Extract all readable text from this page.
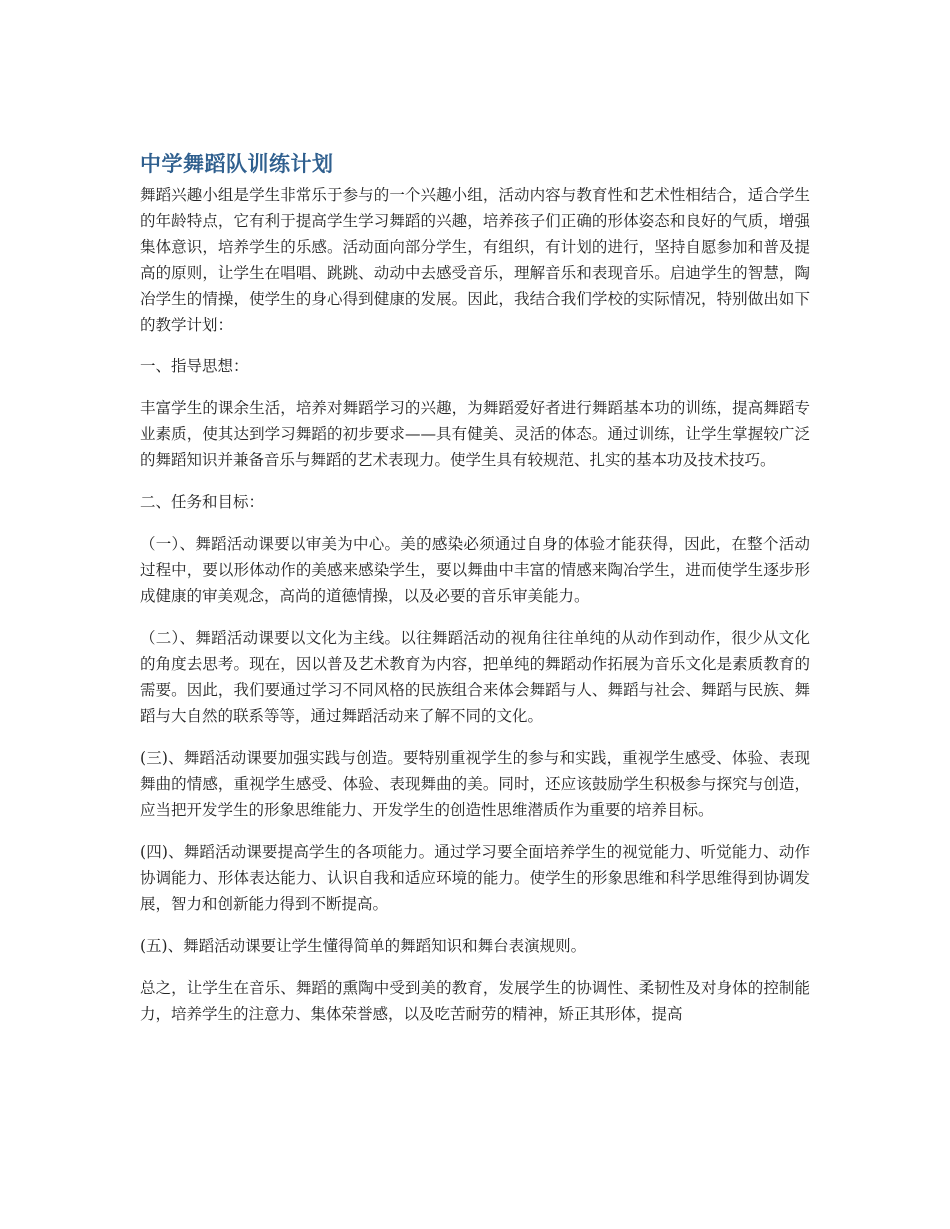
中学舞蹈队训练计划

舞蹈兴趣小组是学生非常乐于参与的一个兴趣小组，活动内容与教育性和艺术性相结合，适合学生的年龄特点，它有利于提高学生学习舞蹈的兴趣，培养孩子们正确的形体姿态和良好的气质，增强集体意识，培养学生的乐感。活动面向部分学生，有组织，有计划的进行，坚持自愿参加和普及提高的原则，让学生在唱唱、跳跳、动动中去感受音乐，理解音乐和表现音乐。启迪学生的智慧，陶冶学生的情操，使学生的身心得到健康的发展。因此，我结合我们学校的实际情况，特别做出如下的教学计划：

一、指导思想：

丰富学生的课余生活，培养对舞蹈学习的兴趣，为舞蹈爱好者进行舞蹈基本功的训练，提高舞蹈专业素质，使其达到学习舞蹈的初步要求——具有健美、灵活的体态。通过训练，让学生掌握较广泛的舞蹈知识并兼备音乐与舞蹈的艺术表现力。使学生具有较规范、扎实的基本功及技术技巧。

二、任务和目标：

（一）、舞蹈活动课要以审美为中心。美的感染必须通过自身的体验才能获得，因此，在整个活动过程中，要以形体动作的美感来感染学生，要以舞曲中丰富的情感来陶冶学生，进而使学生逐步形成健康的审美观念，高尚的道德情操，以及必要的音乐审美能力。

（二）、舞蹈活动课要以文化为主线。以往舞蹈活动的视角往往单纯的从动作到动作，很少从文化的角度去思考。现在，因以普及艺术教育为内容，把单纯的舞蹈动作拓展为音乐文化是素质教育的需要。因此，我们要通过学习不同风格的民族组合来体会舞蹈与人、舞蹈与社会、舞蹈与民族、舞蹈与大自然的联系等等，通过舞蹈活动来了解不同的文化。

(三)、舞蹈活动课要加强实践与创造。要特别重视学生的参与和实践，重视学生感受、体验、表现舞曲的情感，重视学生感受、体验、表现舞曲的美。同时，还应该鼓励学生积极参与探究与创造，应当把开发学生的形象思维能力、开发学生的创造性思维潜质作为重要的培养目标。

(四)、舞蹈活动课要提高学生的各项能力。通过学习要全面培养学生的视觉能力、听觉能力、动作协调能力、形体表达能力、认识自我和适应环境的能力。使学生的形象思维和科学思维得到协调发展，智力和创新能力得到不断提高。

(五)、舞蹈活动课要让学生懂得简单的舞蹈知识和舞台表演规则。

总之，让学生在音乐、舞蹈的熏陶中受到美的教育，发展学生的协调性、柔韧性及对身体的控制能力，培养学生的注意力、集体荣誉感，以及吃苦耐劳的精神，矫正其形体，提高
